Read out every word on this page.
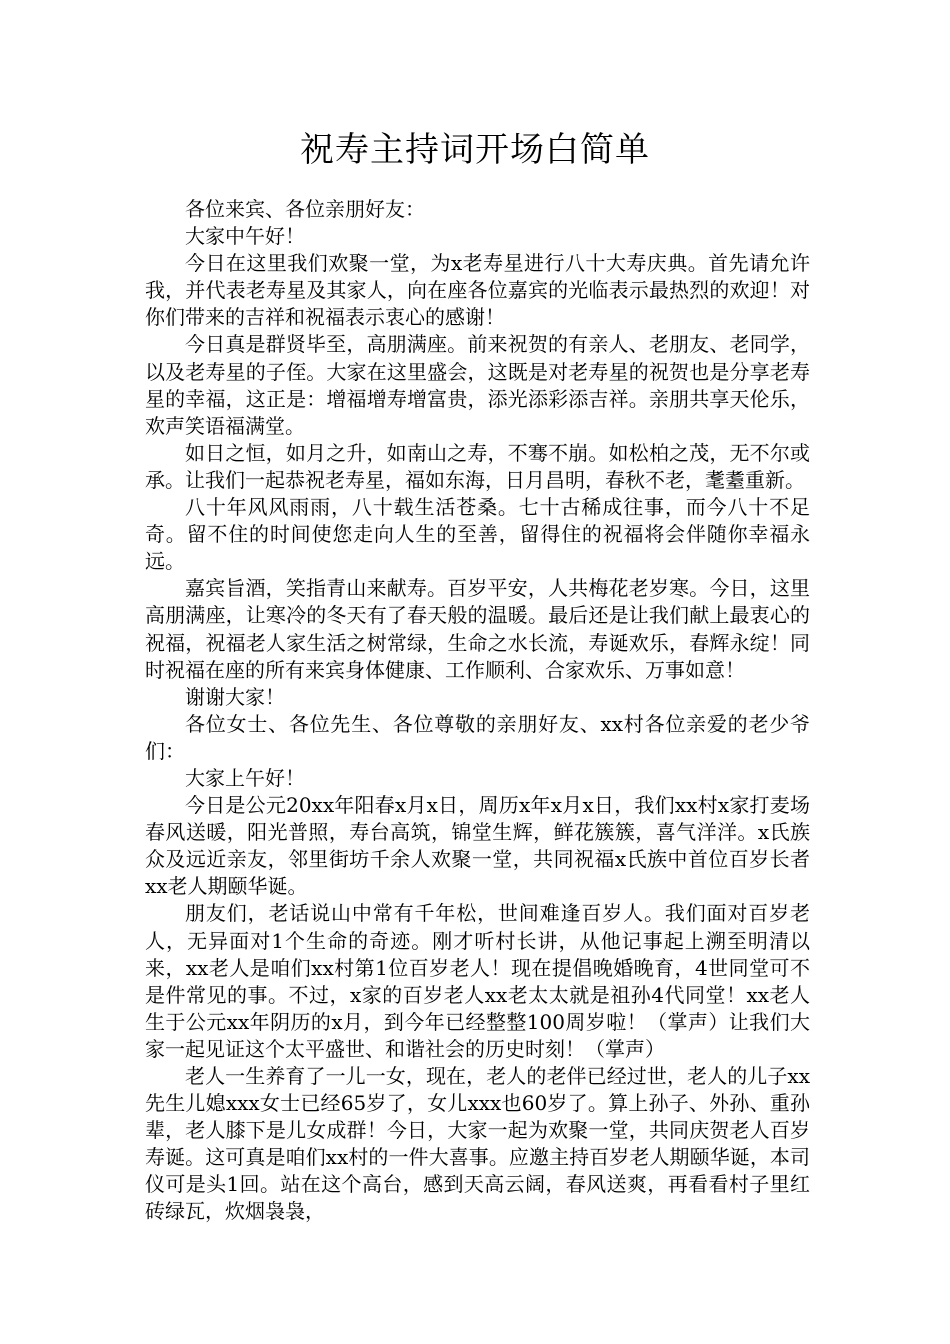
祝寿主持词开场白简单

各位来宾、各位亲朋好友：

大家中午好！

今日在这里我们欢聚一堂，为x老寿星进行八十大寿庆典。首先请允许我，并代表老寿星及其家人，向在座各位嘉宾的光临表示最热烈的欢迎！对你们带来的吉祥和祝福表示衷心的感谢！

今日真是群贤毕至，高朋满座。前来祝贺的有亲人、老朋友、老同学，以及老寿星的子侄。大家在这里盛会，这既是对老寿星的祝贺也是分享老寿星的幸福，这正是：增福增寿增富贵，添光添彩添吉祥。亲朋共享天伦乐，欢声笑语福满堂。

如日之恒，如月之升，如南山之寿，不骞不崩。如松柏之茂，无不尔或承。让我们一起恭祝老寿星，福如东海，日月昌明，春秋不老，耄耋重新。

八十年风风雨雨，八十载生活苍桑。七十古稀成往事，而今八十不足奇。留不住的时间使您走向人生的至善，留得住的祝福将会伴随你幸福永远。

嘉宾旨酒，笑指青山来献寿。百岁平安，人共梅花老岁寒。今日，这里高朋满座，让寒冷的冬天有了春天般的温暖。最后还是让我们献上最衷心的祝福，祝福老人家生活之树常绿，生命之水长流，寿诞欢乐，春辉永绽！同时祝福在座的所有来宾身体健康、工作顺利、合家欢乐、万事如意！

谢谢大家！

各位女士、各位先生、各位尊敬的亲朋好友、xx村各位亲爱的老少爷们：

大家上午好！

今日是公元20xx年阳春x月x日，周历x年x月x日，我们xx村x家打麦场春风送暖，阳光普照，寿台高筑，锦堂生辉，鲜花簇簇，喜气洋洋。x氏族众及远近亲友，邻里街坊千余人欢聚一堂，共同祝福x氏族中首位百岁长者xx老人期颐华诞。

朋友们，老话说山中常有千年松，世间难逢百岁人。我们面对百岁老人，无异面对1个生命的奇迹。刚才听村长讲，从他记事起上溯至明清以来，xx老人是咱们xx村第1位百岁老人！现在提倡晚婚晚育，4世同堂可不是件常见的事。不过，x家的百岁老人xx老太太就是祖孙4代同堂！xx老人生于公元xx年阴历的x月，到今年已经整整100周岁啦！（掌声）让我们大家一起见证这个太平盛世、和谐社会的历史时刻！（掌声）

老人一生养育了一儿一女，现在，老人的老伴已经过世，老人的儿子xx先生儿媳xxx女士已经65岁了，女儿xxx也60岁了。算上孙子、外孙、重孙辈，老人膝下是儿女成群！今日，大家一起为欢聚一堂，共同庆贺老人百岁寿诞。这可真是咱们xx村的一件大喜事。应邀主持百岁老人期颐华诞，本司仪可是头1回。站在这个高台，感到天高云阔，春风送爽，再看看村子里红砖绿瓦，炊烟袅袅，
